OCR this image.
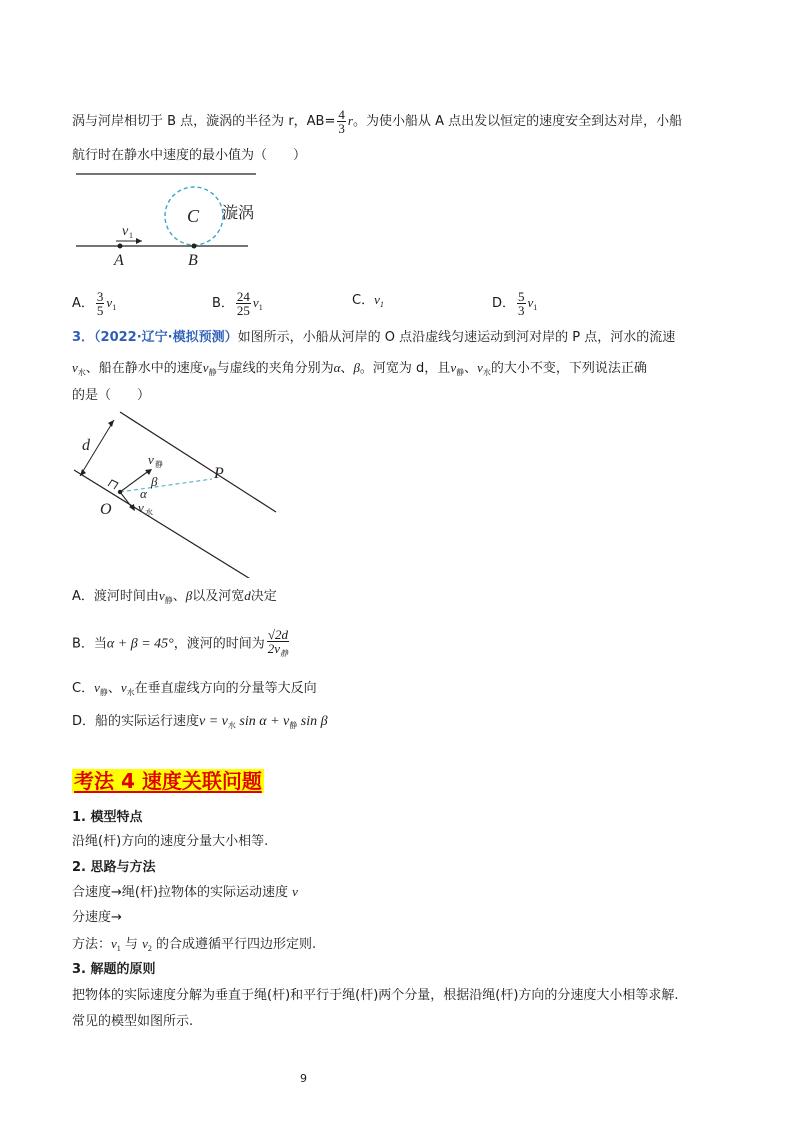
涡与河岸相切于 B 点，漩涡的半径为 r，$AB= \frac{4}{3}$ r。为使小船从 A 点出发以恒定的速度安全到达对岸，小船
航行时在静水中速度的最小值为（　　）
C 漩涡
v 1
A	B
A． $\frac{3}{5} v_1$	B． $\frac{24}{25} v_1$	C．$v_1$	D． $\frac{5}{3} v_1$
3．（2022·辽宁·模拟预测）如图所示，小船从河岸的 O 点沿虚线匀速运动到河对岸的 P 点，河水的流速
$v_水$、船在静水中的速度$v_静$与虚线的夹角分别为α、β。河宽为 d，且$v_静$、$v_水$的大小不变，下列说法正确
的是（　　）
d
v 静
β
α
P
O v 水
A．渡河时间由$v_静$、β以及河宽d决定
B．当α + β = 45°，渡河的时间为 $\frac{√2d}{2v_静}$
C．$v_静$、$v_水$在垂直虚线方向的分量等大反向
D．船的实际运行速度$v = v_水$ $\sin \alpha + v_静$ sin β
考法 4 速度关联问题
1. 模型特点
沿绳(杆)方向的速度分量大小相等.
2. 思路与方法
合速度→绳(杆)拉物体的实际运动速度 v
分速度→
方法：$v_1$ 与 $v_2$ 的合成遵循平行四边形定则.
3. 解题的原则
把物体的实际速度分解为垂直于绳(杆)和平行于绳(杆)两个分量，根据沿绳(杆)方向的分速度大小相等求解.
常见的模型如图所示.
9
